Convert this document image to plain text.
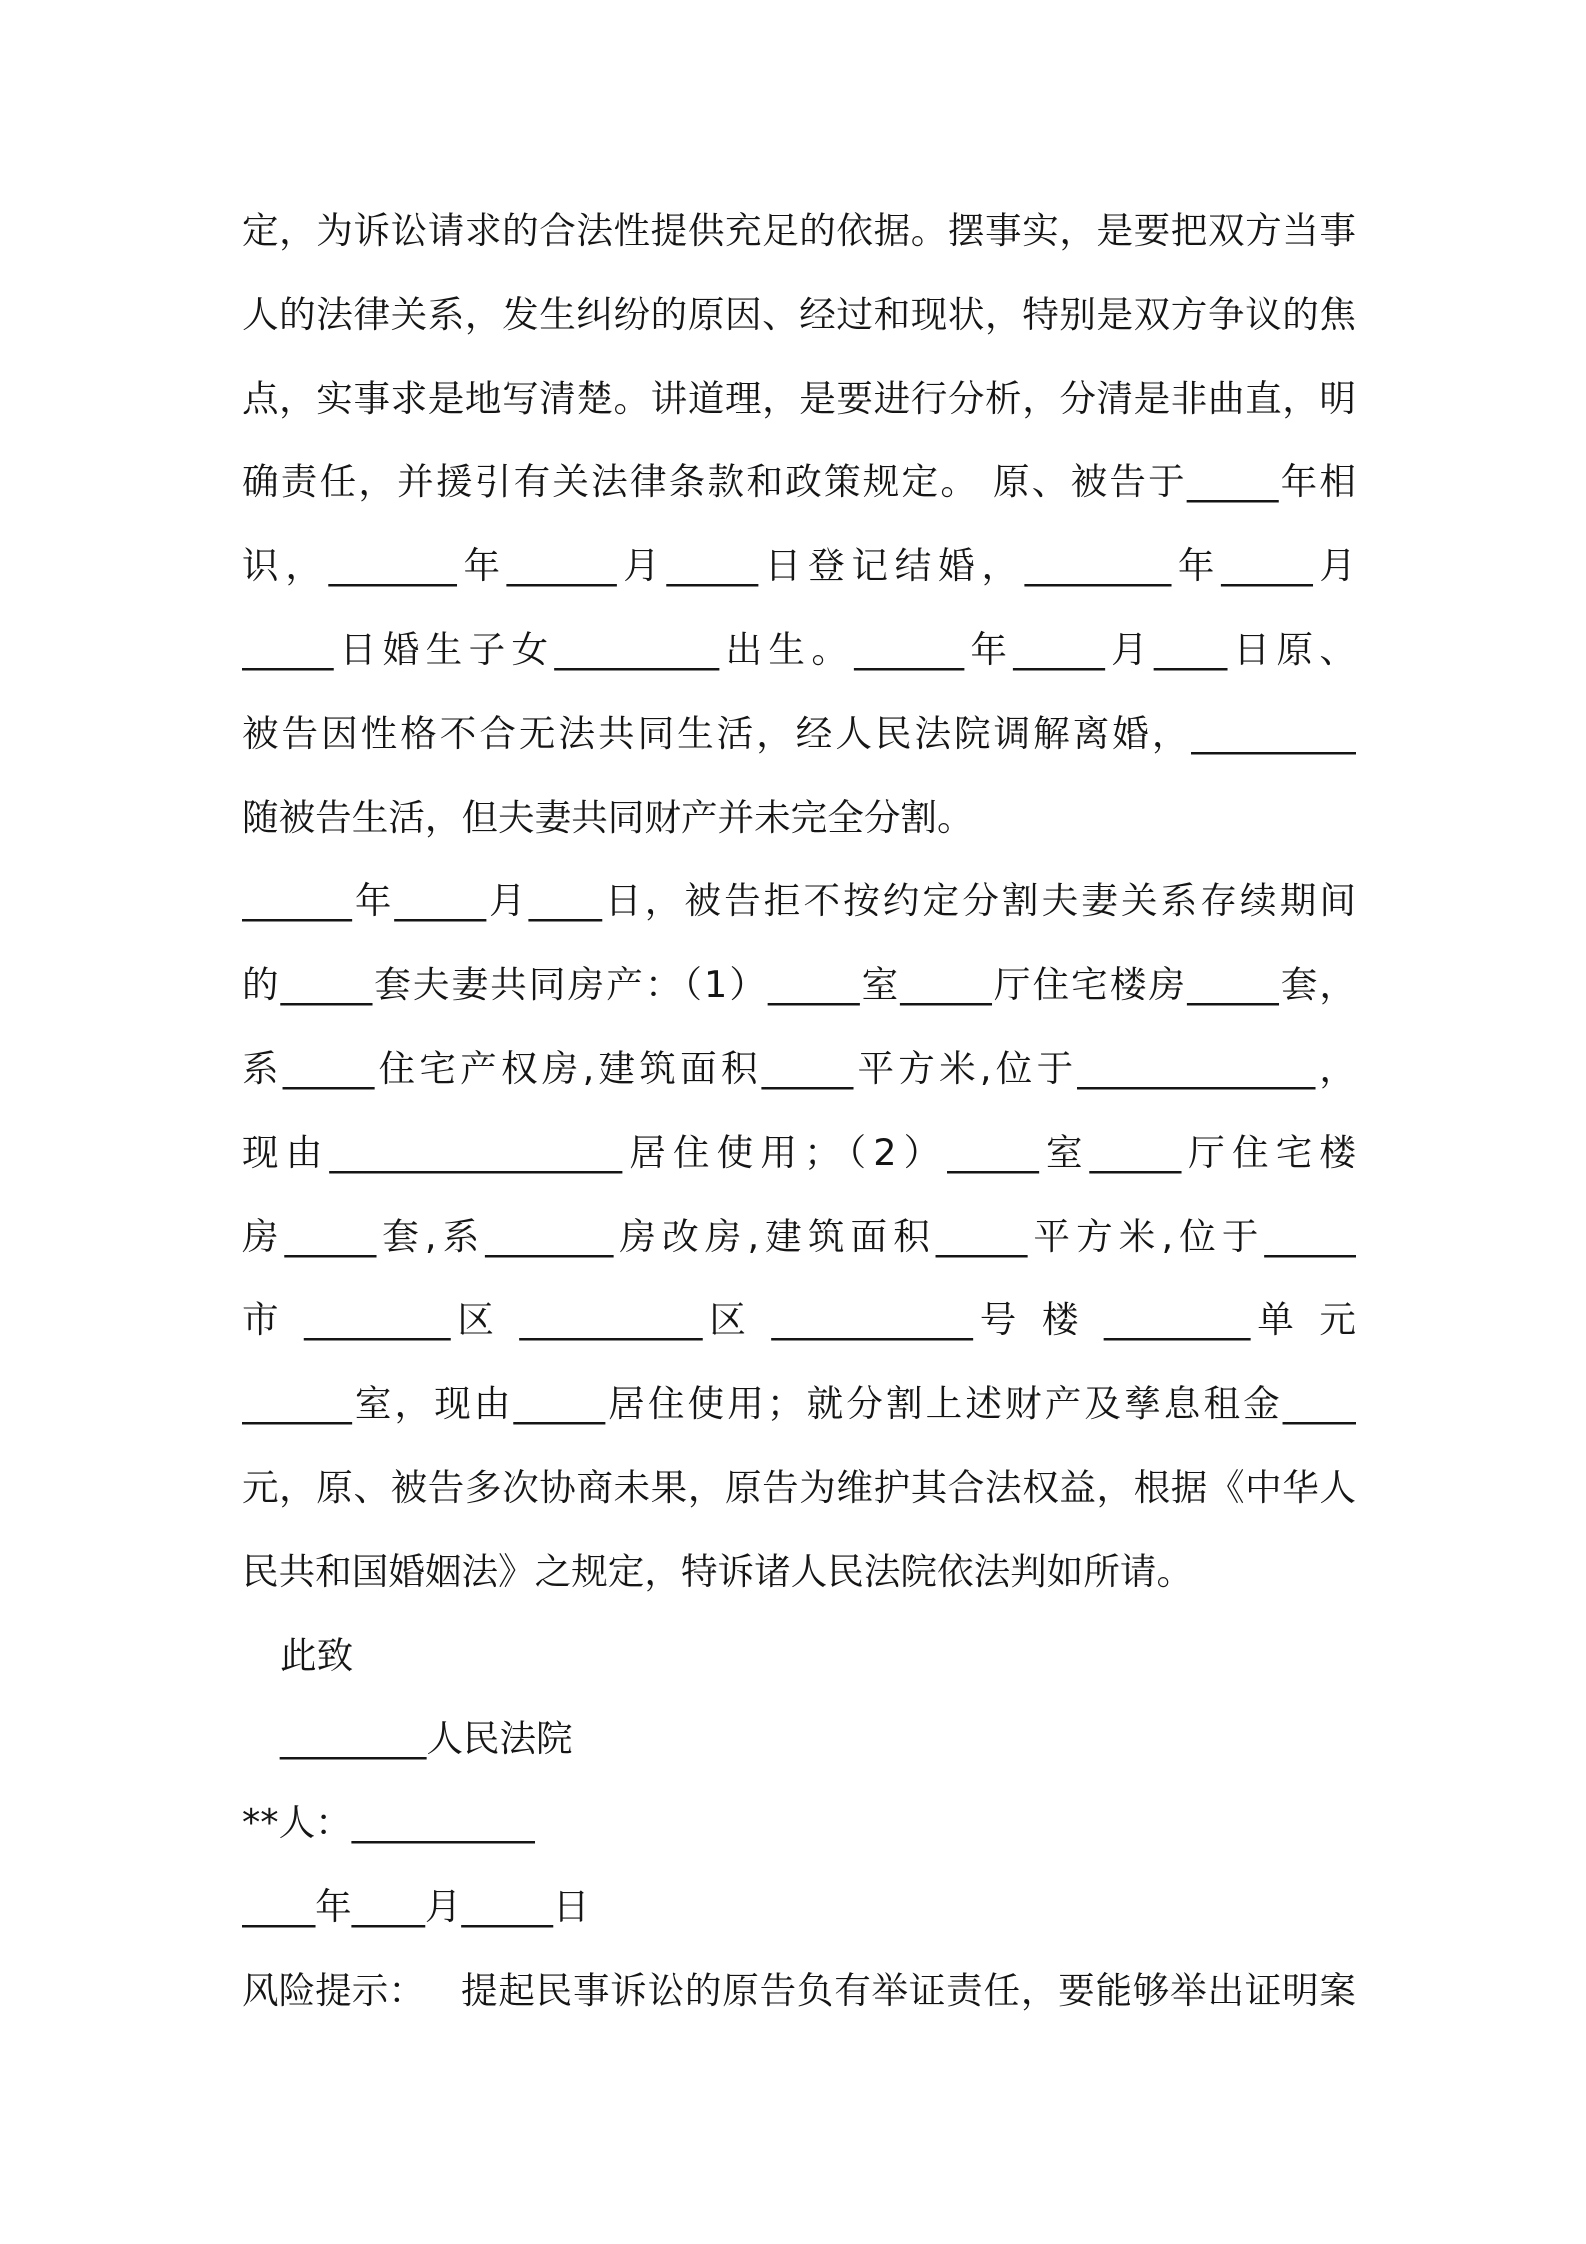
定，为诉讼请求的合法性提供充足的依据。摆事实，是要把双方当事
人的法律关系，发生纠纷的原因、经过和现状，特别是双方争议的焦
点，实事求是地写清楚。讲道理，是要进行分析，分清是非曲直，明
确责任，并援引有关法律条款和政策规定。 原、被告于_____年相
识，_______年______月_____日登记结婚，________年_____月
_____日婚生子女_________出生。______年_____月____日原、
被告因性格不合无法共同生活，经人民法院调解离婚，_________
随被告生活，但夫妻共同财产并未完全分割。
______年_____月____日，被告拒不按约定分割夫妻关系存续期间
的_____套夫妻共同房产：（1）_____室_____厅住宅楼房_____套，
系_____住宅产权房,建筑面积_____平方米,位于_____________，
现由________________居住使用；（2）_____室_____厅住宅楼
房_____套,系_______房改房,建筑面积_____平方米,位于_____
市 ________区 __________区 ___________号 楼 ________单 元
______室，现由_____居住使用；就分割上述财产及孳息租金____
元，原、被告多次协商未果，原告为维护其合法权益，根据《中华人
民共和国婚姻法》之规定，特诉诸人民法院依法判如所请。
此致
________人民法院
**人：__________
____年____月_____日
风险提示： 提起民事诉讼的原告负有举证责任，要能够举出证明案
